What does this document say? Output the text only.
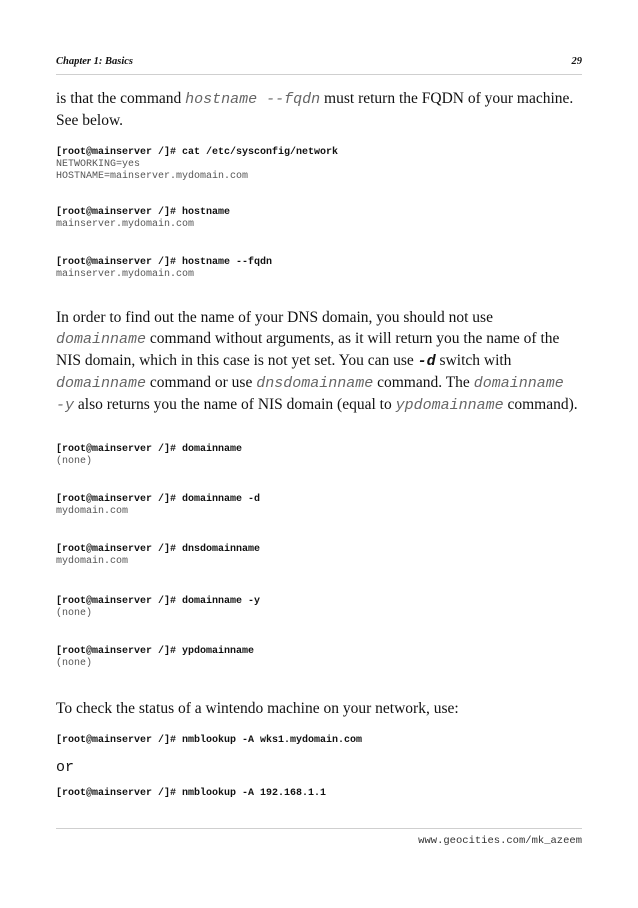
Chapter 1: Basics	29

is that the command hostname --fqdn must return the FQDN of your machine.
See below.

[root@mainserver /]# cat /etc/sysconfig/network

NETWORKING=yes

HOSTNAME=mainserver.mydomain.com

[root@mainserver /]# hostname

mainserver.mydomain.com

[root@mainserver /]# hostname --fqdn

mainserver.mydomain.com

In order to find out the name of your DNS domain, you should not use
domainname command without arguments, as it will return you the name of the
NIS domain, which in this case is not yet set. You can use -d switch with
domainname command or use dnsdomainname command. The domainname
-y also returns you the name of NIS domain (equal to ypdomainname command).

[root@mainserver /]# domainname

(none)

[root@mainserver /]# domainname -d

mydomain.com

[root@mainserver /]# dnsdomainname

mydomain.com

[root@mainserver /]# domainname -y

(none)

[root@mainserver /]# ypdomainname

(none)

To check the status of a wintendo machine on your network, use:

[root@mainserver /]# nmblookup -A wks1.mydomain.com

or

[root@mainserver /]# nmblookup -A 192.168.1.1

www.geocities.com/mk_azeem
